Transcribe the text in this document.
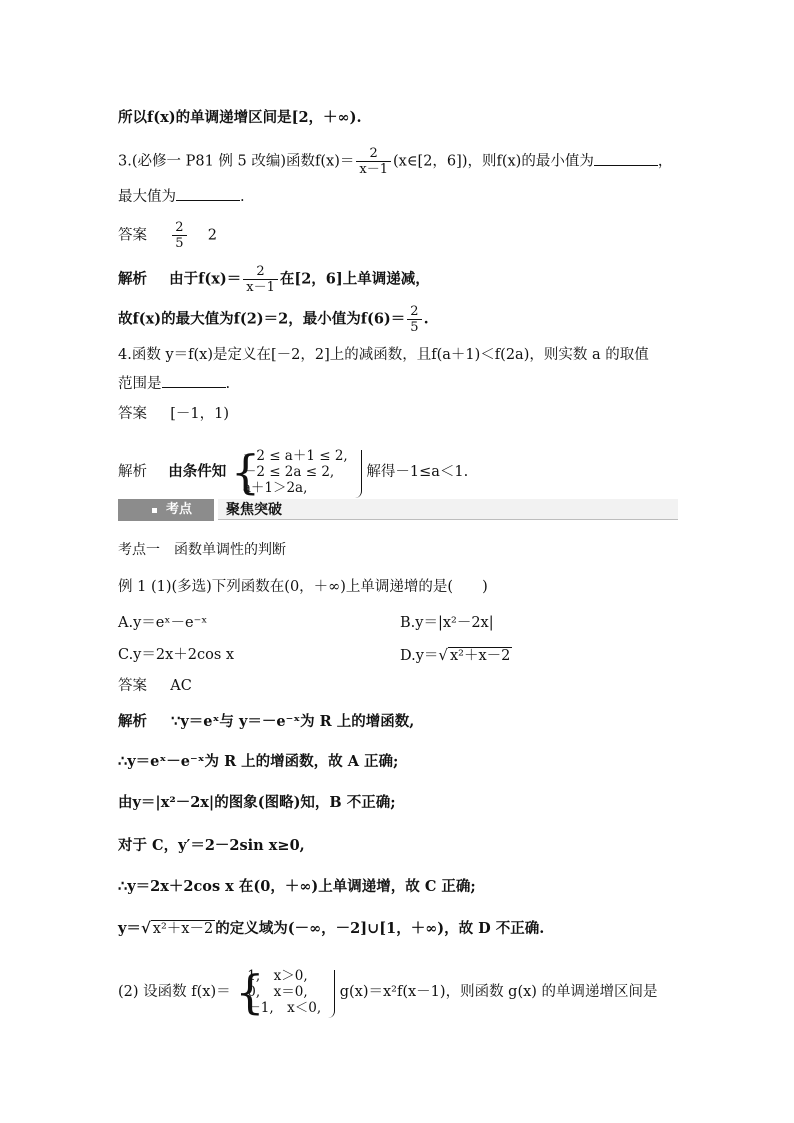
所以f(x)的单调递增区间是[2，＋∞).
3.(必修一 P81 例 5 改编)函数$f(x)= \frac{2}{x-1}$ (x∈[2，6])，则f(x)的最小值为	，
最大值为	.
答案 $\frac{2}{5} 2$
解析 由于$f(x)= \frac{2}{x-1}$ 在[2，6]上单调递减，
故f(x)的最大值为f(2)＝2，最小值为$f(6)= \frac{2}{5}$ .
4.函数 y＝f(x)是定义在[－2，2]上的减函数，且f(a＋1)＜f(2a)，则实数 a 的取值
范围是	.
答案 [－1，1)
解析 由条件知 {
－2 ≤ a＋1 ≤ 2,
－2 ≤ 2a ≤ 2,
a＋1＞2a,
解得－1≤a＜1.
考点	聚焦突破
考点一　函数单调性的判断
例 1 (1)(多选)下列函数在(0，＋∞)上单调递增的是(　　)
A.y＝eˣ－e⁻ˣ	B.y＝|x²－2x|
C.y＝2x＋2cos x	D.y＝√ x²＋x－2
答案 AC
解析 ∵y＝eˣ与 y＝－e⁻ˣ为 R 上的增函数,
∴y＝eˣ－e⁻ˣ为 R 上的增函数，故 A 正确;
由y＝|x²－2x|的图象(图略)知，B 不正确;
对于 C，y′＝2－2sin x≥0,
∴y＝2x＋2cos x 在(0，＋∞)上单调递增，故 C 正确;
y＝√ x²＋x－2 的定义域为(－∞，－2]∪[1，＋∞)，故 D 不正确.
(2) 设函数 f(x)＝ {
1,　x＞0,
0,　x＝0,
－1,　x＜0,
g(x)＝x²f(x－1)，则函数 g(x) 的单调递增区间是
